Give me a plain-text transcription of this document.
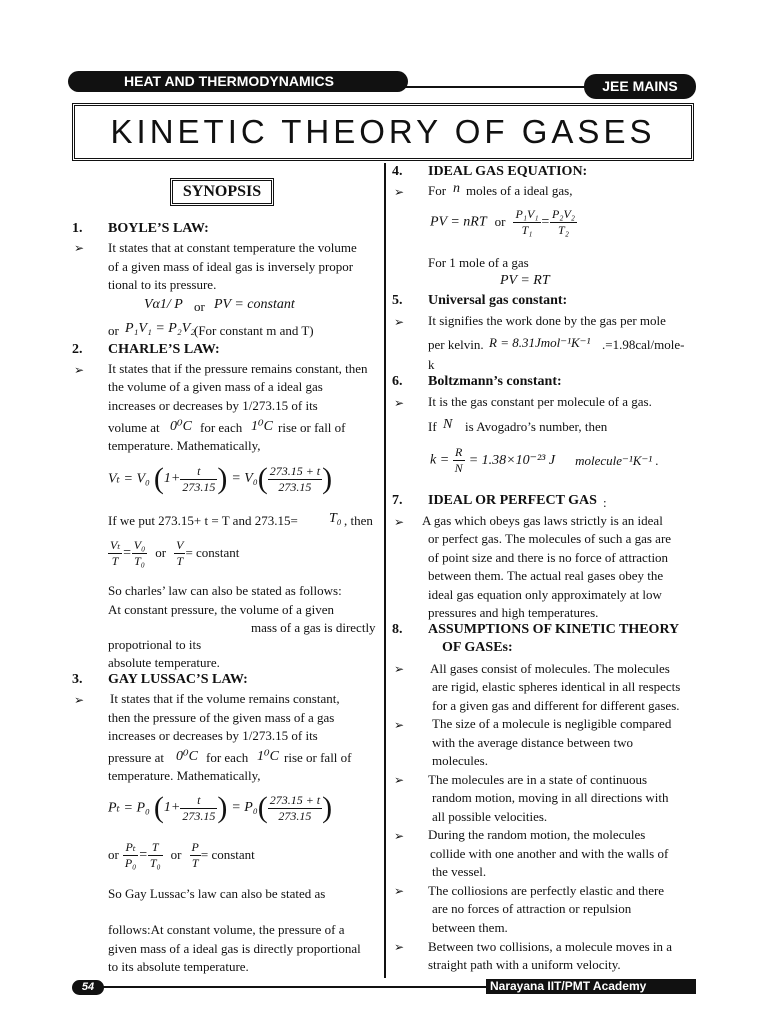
HEAT AND THERMODYNAMICS	JEE MAINS
KINETIC THEORY OF GASES
SYNOPSIS
1. BOYLE’S LAW:
➢ It states that at constant temperature the volume
of a given mass of ideal gas is inversely propor
tional to its pressure.
Vα1/ P or PV = constant
or P₁V₁ = P₂V₂
(For constant m and T)
2. CHARLE’S LAW:
➢ It states that if the pressure remains constant, then
the volume of a given mass of a ideal gas
increases or decreases by 1/273.15 of its
volume at 0⁰C for each 1⁰C rise or fall of
temperature. Mathematically,
Vₜ = V₀ ($1+ \frac{t}{273.15}$ ) = $V_0( \frac{273.15 + t}{273.15}$ )
If we put 273.15+ t = T and 273.15= T₀ , then
$\frac{\text{Vₜ}}{T} = \frac{\text{V₀}}{\text{T₀}}$ or $\frac{V}{T}$ = constant
So charles’ law can also be stated as follows:
At constant pressure, the volume of a given
mass of a gas is directly
propotrional to its
absolute temperature.
3. GAY LUSSAC’S LAW:
➢ It states that if the volume remains constant,
then the pressure of the given mass of a gas
increases or decreases by 1/273.15 of its
pressure at 0⁰C for each 1⁰C rise or fall of
temperature. Mathematically,
Pₜ = P₀ ($1+ \frac{t}{273.15}$ ) = $P_0( \frac{273.15 + t}{273.15}$ )
or $\frac{\text{Pₜ}}{\text{P₀}} = \frac{T}{\text{T₀}}$ or $\frac{P}{T}$ = constant
So Gay Lussac’s law can also be stated as
follows:At constant volume, the pressure of a
given mass of a ideal gas is directly proportional
to its absolute temperature.
4. IDEAL GAS EQUATION:
➢ For n moles of a ideal gas,
PV = nRT or $\frac{\text{P₁V₁}}{\text{T₁}} = \frac{\text{P₂V₂}}{\text{T₂}}$
For 1 mole of a gas
PV = RT
5. Universal gas constant:
➢ It signifies the work done by the gas per mole
per kelvin. R = 8.31Jmol⁻¹K⁻¹ .=1.98cal/mole-
k
6. Boltzmann’s constant:
➢ It is the gas constant per molecule of a gas.
If N is Avogadro’s number, then
$k = \frac{R}{N} = 1.38\times 10^{-23}$ J molecule⁻¹K⁻¹ .
7. IDEAL OR PERFECT GAS :
➢ A gas which obeys gas laws strictly is an ideal
or perfect gas. The molecules of such a gas are
of point size and there is no force of attraction
between them. The actual real gases obey the
ideal gas equation only approximately at low
pressures and high temperatures.
8. ASSUMPTIONS OF KINETIC THEORY
OF GASEs:
➢ All gases consist of molecules. The molecules
are rigid, elastic spheres identical in all respects
for a given gas and different for different gases.
➢ The size of a molecule is negligible compared
with the average distance between two
molecules.
➢ The molecules are in a state of continuous
random motion, moving in all directions with
all possible velocities.
➢ During the random motion, the molecules
collide with one another and with the walls of
the vessel.
➢ The colliosions are perfectly elastic and there
are no forces of attraction or repulsion
between them.
➢ Between two collisions, a molecule moves in a
straight path with a uniform velocity.
54	Narayana IIT/PMT Academy
